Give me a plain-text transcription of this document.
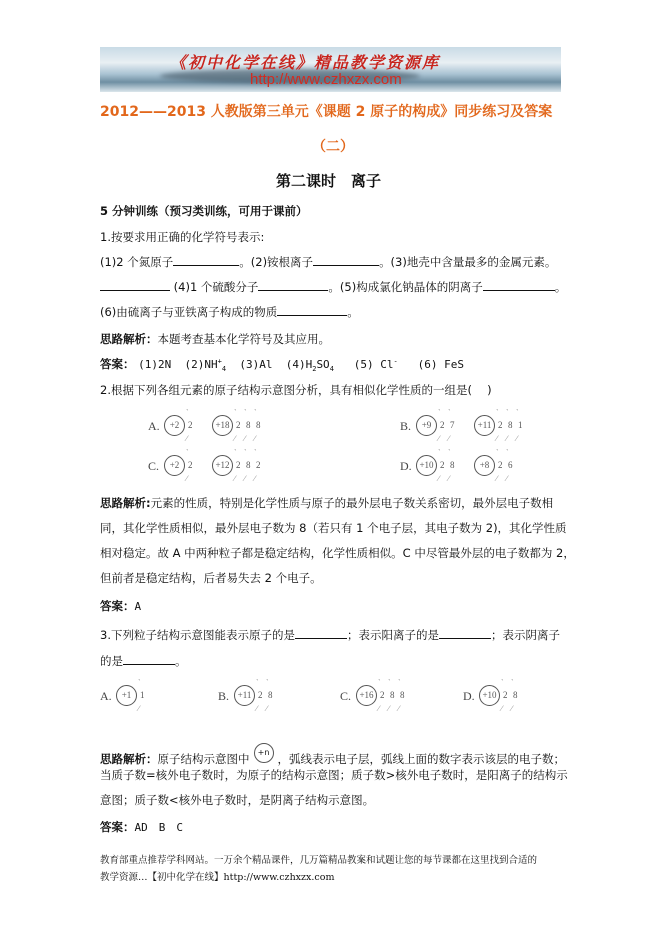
《初中化学在线》精品教学资源库
http://www.czhxzx.com
2012——2013 人教版第三单元《课题 2 原子的构成》同步练习及答案
（二）
第二课时　离子
5 分钟训练（预习类训练，可用于课前）
1.按要求用正确的化学符号表示:
(1)2 个氮原子	。(2)铵根离子	。(3)地壳中含量最多的金属元素。
(4)1 个硫酸分子	。(5)构成氯化钠晶体的阴离子	。
(6)由硫离子与亚铁离子构成的物质	。
思路解析：本题考查基本化学符号及其应用。
答案： (1)2N $(2)NH^+_4$ (3)Al $(4)H_2SO_4$ (5) Cl- (6) FeS
2.根据下列各组元素的原子结构示意图分析，具有相似化学性质的一组是(　 )
A.	+2 2
ˋ
⁄
+18 2
ˋ
⁄
8
ˋ
⁄
8
ˋ
⁄
B.	+9 2
ˋ
⁄
7
ˋ
⁄
+11 2
ˋ
⁄
8
ˋ
⁄
1
ˋ
⁄
C.	+2 2
ˋ
⁄
+12 2
ˋ
⁄
8
ˋ
⁄
2
ˋ
⁄
D. +10 2
ˋ
⁄
8
ˋ
⁄
+8 2
ˋ
⁄
6
ˋ
⁄
思路解析:元素的性质，特别是化学性质与原子的最外层电子数关系密切，最外层电子数相
同，其化学性质相似，最外层电子数为 8（若只有 1 个电子层，其电子数为 2)，其化学性质
相对稳定。故 A 中两种粒子都是稳定结构，化学性质相似。C 中尽管最外层的电子数都为 2，
但前者是稳定结构，后者易失去 2 个电子。
答案：A
3.下列粒子结构示意图能表示原子的是	；表示阳离子的是	；表示阴离子
的是	。
A.	+1 1
ˋ
⁄
B. +11 2
ˋ
⁄
8
ˋ
⁄
C. +16 2
ˋ
⁄
8
ˋ
⁄
8
ˋ
⁄
D. +10 2
ˋ
⁄
8
ˋ
⁄
思路解析：原子结构示意图中 +n ，弧线表示电子层，弧线上面的数字表示该层的电子数；
当质子数=核外电子数时，为原子的结构示意图；质子数>核外电子数时，是阳离子的结构示
意图；质子数<核外电子数时，是阴离子结构示意图。
答案：AD　B　C
教育部重点推荐学科网站。一万余个精品课件，几万篇精品教案和试题让您的每节课都在这里找到合适的
教学资源…【初中化学在线】http://www.czhxzx.com
